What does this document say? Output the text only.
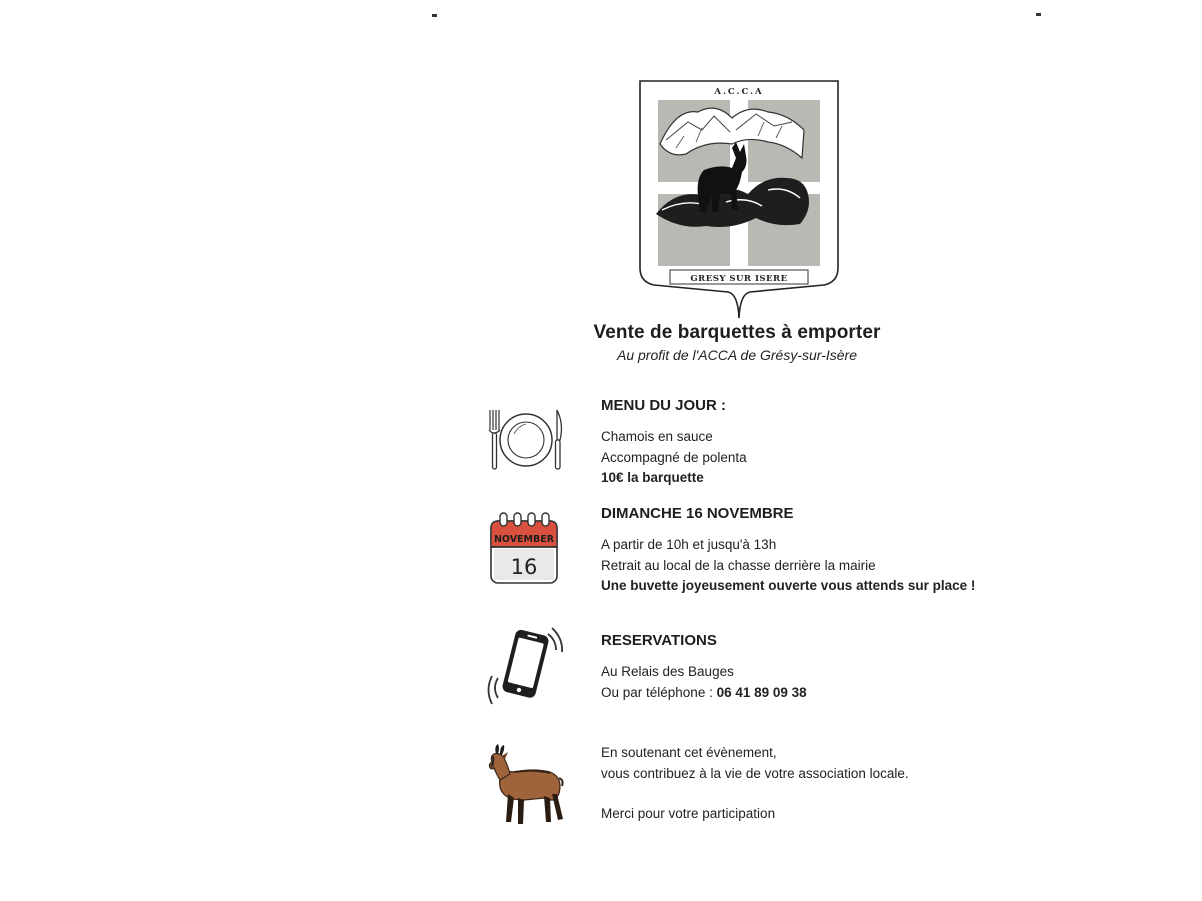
GRESY SUR ISERE
A.C.C.A
Vente de barquettes à emporter
Au profit de l'ACCA de Grésy-sur-Isère
MENU DU JOUR :
Chamois en sauce
Accompagné de polenta
10€ la barquette
NOVEMBER
16
DIMANCHE 16 NOVEMBRE
A partir de 10h et jusqu'à 13h
Retrait au local de la chasse derrière la mairie
Une buvette joyeusement ouverte vous attends sur place !
RESERVATIONS
Au Relais des Bauges
Ou par téléphone : 06 41 89 09 38
En soutenant cet évènement,
vous contribuez à la vie de votre association locale.
Merci pour votre participation
